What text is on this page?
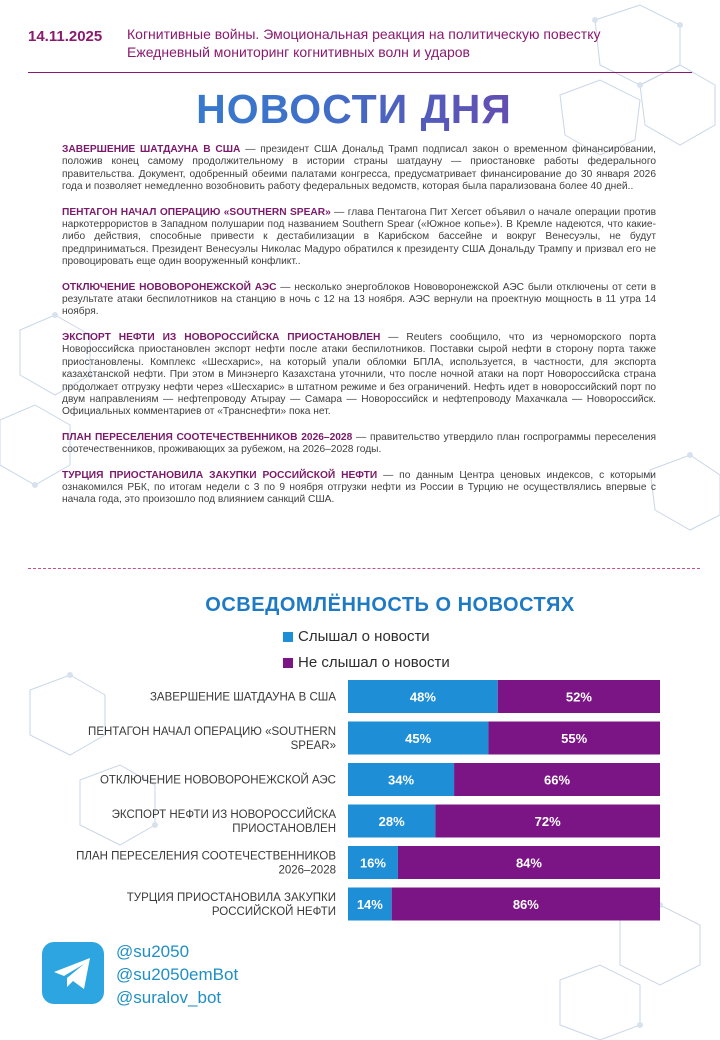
14.11.2025 Когнитивные войны. Эмоциональная реакция на политическую повестку
Ежедневный мониторинг когнитивных волн и ударов
НОВОСТИ ДНЯ

ЗАВЕРШЕНИЕ ШАТДАУНА В США — президент США Дональд Трамп подписал закон о временном финансировании, положив конец самому продолжительному в истории страны шатдауну — приостановке работы федерального правительства. Документ, одобренный обеими палатами конгресса, предусматривает финансирование до 30 января 2026 года и позволяет немедленно возобновить работу федеральных ведомств, которая была парализована более 40 дней..

ПЕНТАГОН НАЧАЛ ОПЕРАЦИЮ «SOUTHERN SPEAR» — глава Пентагона Пит Хегсет объявил о начале операции против наркотеррористов в Западном полушарии под названием Southern Spear («Южное копье»). В Кремле надеются, что какие-либо действия, способные привести к дестабилизации в Карибском бассейне и вокруг Венесуэлы, не будут предприниматься. Президент Венесуэлы Николас Мадуро обратился к президенту США Дональду Трампу и призвал его не провоцировать еще один вооруженный конфликт..

ОТКЛЮЧЕНИЕ НОВОВОРОНЕЖСКОЙ АЭС — несколько энергоблоков Нововоронежской АЭС были отключены от сети в результате атаки беспилотников на станцию в ночь с 12 на 13 ноября. АЭС вернули на проектную мощность в 11 утра 14 ноября.

ЭКСПОРТ НЕФТИ ИЗ НОВОРОССИЙСКА ПРИОСТАНОВЛЕН — Reuters сообщило, что из черноморского порта Новороссийска приостановлен экспорт нефти после атаки беспилотников. Поставки сырой нефти в сторону порта также приостановлены. Комплекс «Шесхарис», на который упали обломки БПЛА, используется, в частности, для экспорта казахстанской нефти. При этом в Минэнерго Казахстана уточнили, что после ночной атаки на порт Новороссийска страна продолжает отгрузку нефти через «Шесхарис» в штатном режиме и без ограничений. Нефть идет в новороссийский порт по двум направлениям — нефтепроводу Атырау — Самара — Новороссийск и нефтепроводу Махачкала — Новороссийск. Официальных комментариев от «Транснефти» пока нет.

ПЛАН ПЕРЕСЕЛЕНИЯ СООТЕЧЕСТВЕННИКОВ 2026–2028 — правительство утвердило план госпрограммы переселения соотечественников, проживающих за рубежом, на 2026–2028 годы.

ТУРЦИЯ ПРИОСТАНОВИЛА ЗАКУПКИ РОССИЙСКОЙ НЕФТИ — по данным Центра ценовых индексов, с которыми ознакомился РБК, по итогам недели с 3 по 9 ноября отгрузки нефти из России в Турцию не осуществлялись впервые с начала года, это произошло под влиянием санкций США.

ОСВЕДОМЛЁННОСТЬ О НОВОСТЯХ
Слышал о новости
Не слышал о новости
ЗАВЕРШЕНИЕ ШАТДАУНА В США	48%	52%
ПЕНТАГОН НАЧАЛ ОПЕРАЦИЮ «SOUTHERN SPEAR»	45%	55%
ОТКЛЮЧЕНИЕ НОВОВОРОНЕЖСКОЙ АЭС	34%	66%
ЭКСПОРТ НЕФТИ ИЗ НОВОРОССИЙСКА ПРИОСТАНОВЛЕН	28%	72%
ПЛАН ПЕРЕСЕЛЕНИЯ СООТЕЧЕСТВЕННИКОВ 2026–2028 16%	84%
ТУРЦИЯ ПРИОСТАНОВИЛА ЗАКУПКИ РОССИЙСКОЙ НЕФТИ 14%	86%
@su2050
@su2050emBot
@suralov_bot
